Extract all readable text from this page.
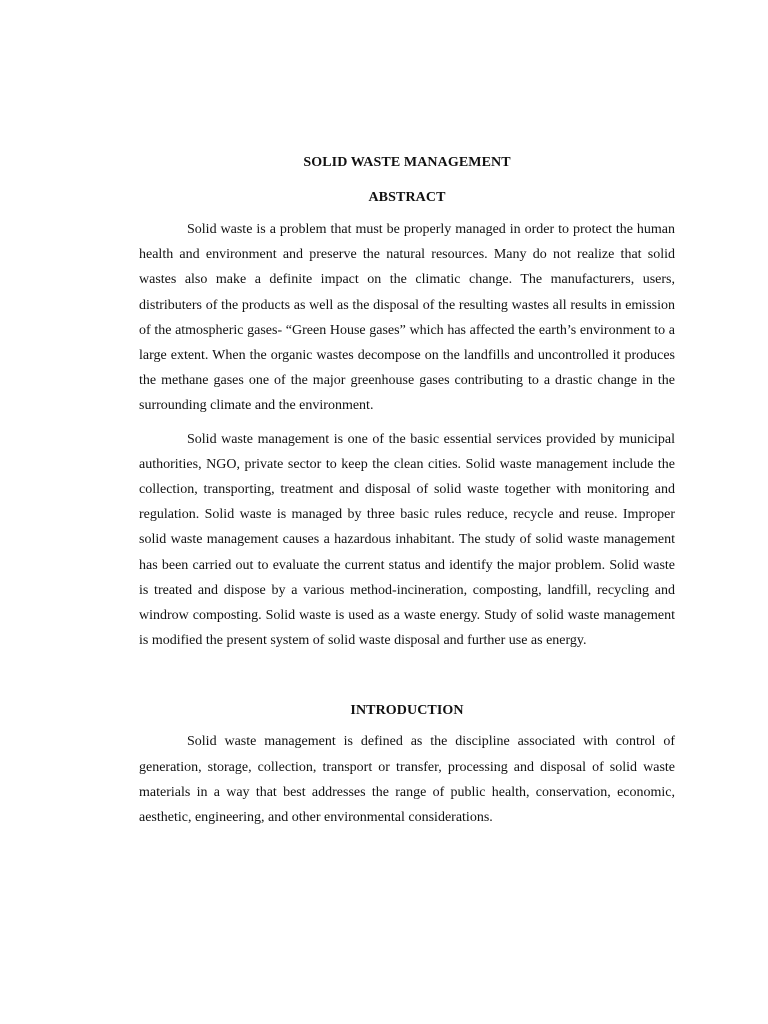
SOLID WASTE MANAGEMENT
ABSTRACT

Solid waste is a problem that must be properly managed in order to protect the human health and environment and preserve the natural resources. Many do not realize that solid wastes also make a definite impact on the climatic change. The manufacturers, users, distributers of the products as well as the disposal of the resulting wastes all results in emission of the atmospheric gases- “Green House gases” which has affected the earth’s environment to a large extent. When the organic wastes decompose on the landfills and uncontrolled it produces the methane gases one of the major greenhouse gases contributing to a drastic change in the surrounding climate and the environment.

Solid waste management is one of the basic essential services provided by municipal authorities, NGO, private sector to keep the clean cities. Solid waste management include the collection, transporting, treatment and disposal of solid waste together with monitoring and regulation. Solid waste is managed by three basic rules reduce, recycle and reuse. Improper solid waste management causes a hazardous inhabitant. The study of solid waste management has been carried out to evaluate the current status and identify the major problem. Solid waste is treated and dispose by a various method-incineration, composting, landfill, recycling and windrow composting. Solid waste is used as a waste energy. Study of solid waste management is modified the present system of solid waste disposal and further use as energy.

INTRODUCTION

Solid waste management is defined as the discipline associated with control of generation, storage, collection, transport or transfer, processing and disposal of solid waste materials in a way that best addresses the range of public health, conservation, economic, aesthetic, engineering, and other environmental considerations.
